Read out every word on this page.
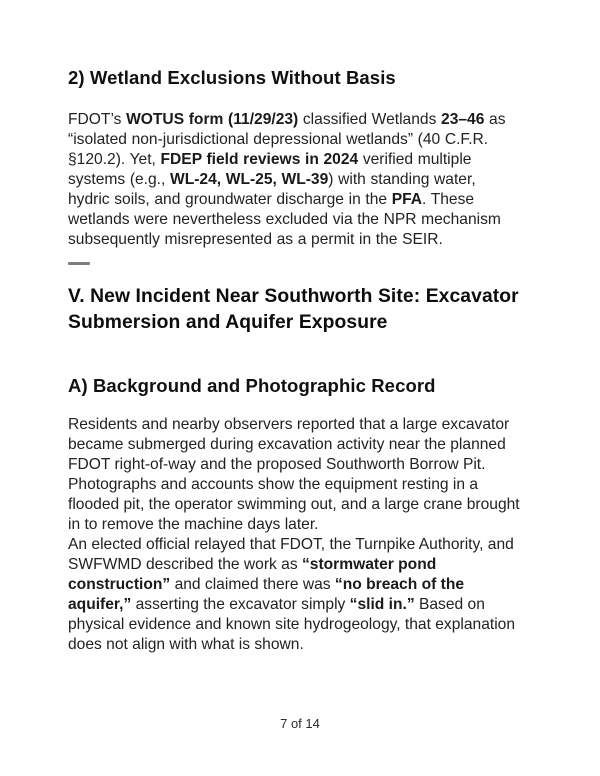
2) Wetland Exclusions Without Basis

FDOT’s WOTUS form (11/29/23) classified Wetlands 23–46 as “isolated non-jurisdictional depressional wetlands” (40 C.F.R. §120.2). Yet, FDEP field reviews in 2024 verified multiple systems (e.g., WL-24, WL-25, WL-39) with standing water, hydric soils, and groundwater discharge in the PFA. These wetlands were nevertheless excluded via the NPR mechanism subsequently misrepresented as a permit in the SEIR.

V. New Incident Near Southworth Site: Excavator Submersion and Aquifer Exposure
A) Background and Photographic Record

Residents and nearby observers reported that a large excavator became submerged during excavation activity near the planned FDOT right-of-way and the proposed Southworth Borrow Pit. Photographs and accounts show the equipment resting in a flooded pit, the operator swimming out, and a large crane brought in to remove the machine days later.
An elected official relayed that FDOT, the Turnpike Authority, and SWFWMD described the work as “stormwater pond construction” and claimed there was “no breach of the aquifer,” asserting the excavator simply “slid in.” Based on physical evidence and known site hydrogeology, that explanation does not align with what is shown.

7 of 14
